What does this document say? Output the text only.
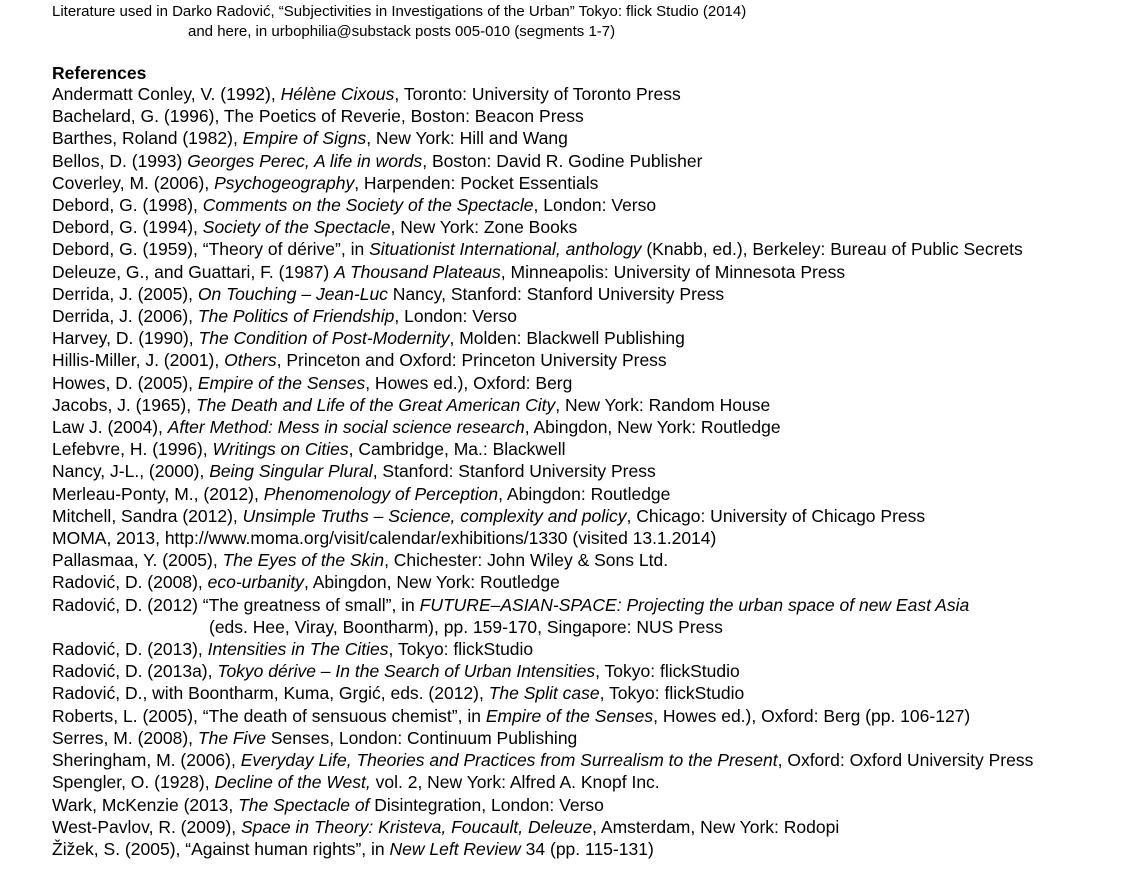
Literature used in Darko Radović, “Subjectivities in Investigations of the Urban” Tokyo: flick Studio (2014)
and here, in urbophilia@substack posts 005-010 (segments 1-7)
References
Andermatt Conley, V. (1992), Hélène Cixous, Toronto: University of Toronto Press
Bachelard, G. (1996), The Poetics of Reverie, Boston: Beacon Press
Barthes, Roland (1982), Empire of Signs, New York: Hill and Wang
Bellos, D. (1993) Georges Perec, A life in words, Boston: David R. Godine Publisher
Coverley, M. (2006), Psychogeography, Harpenden: Pocket Essentials
Debord, G. (1998), Comments on the Society of the Spectacle, London: Verso
Debord, G. (1994), Society of the Spectacle, New York: Zone Books
Debord, G. (1959), “Theory of dérive”, in Situationist International, anthology (Knabb, ed.), Berkeley: Bureau of Public Secrets
Deleuze, G., and Guattari, F. (1987) A Thousand Plateaus, Minneapolis: University of Minnesota Press
Derrida, J. (2005), On Touching – Jean-Luc Nancy, Stanford: Stanford University Press
Derrida, J. (2006), The Politics of Friendship, London: Verso
Harvey, D. (1990), The Condition of Post-Modernity, Molden: Blackwell Publishing
Hillis-Miller, J. (2001), Others, Princeton and Oxford: Princeton University Press
Howes, D. (2005), Empire of the Senses, Howes ed.), Oxford: Berg
Jacobs, J. (1965), The Death and Life of the Great American City, New York: Random House
Law J. (2004), After Method: Mess in social science research, Abingdon, New York: Routledge
Lefebvre, H. (1996), Writings on Cities, Cambridge, Ma.: Blackwell
Nancy, J-L., (2000), Being Singular Plural, Stanford: Stanford University Press
Merleau-Ponty, M., (2012), Phenomenology of Perception, Abingdon: Routledge
Mitchell, Sandra (2012), Unsimple Truths – Science, complexity and policy, Chicago: University of Chicago Press
MOMA, 2013, http://www.moma.org/visit/calendar/exhibitions/1330 (visited 13.1.2014)
Pallasmaa, Y. (2005), The Eyes of the Skin, Chichester: John Wiley & Sons Ltd.
Radović, D. (2008), eco-urbanity, Abingdon, New York: Routledge
Radović, D. (2012) “The greatness of small”, in FUTURE–ASIAN-SPACE: Projecting the urban space of new East Asia
(eds. Hee, Viray, Boontharm), pp. 159-170, Singapore: NUS Press
Radović, D. (2013), Intensities in The Cities, Tokyo: flickStudio
Radović, D. (2013a), Tokyo dérive – In the Search of Urban Intensities, Tokyo: flickStudio
Radović, D., with Boontharm, Kuma, Grgić, eds. (2012), The Split case, Tokyo: flickStudio
Roberts, L. (2005), “The death of sensuous chemist”, in Empire of the Senses, Howes ed.), Oxford: Berg (pp. 106-127)
Serres, M. (2008), The Five Senses, London: Continuum Publishing
Sheringham, M. (2006), Everyday Life, Theories and Practices from Surrealism to the Present, Oxford: Oxford University Press
Spengler, O. (1928), Decline of the West, vol. 2, New York: Alfred A. Knopf Inc.
Wark, McKenzie (2013, The Spectacle of Disintegration, London: Verso
West-Pavlov, R. (2009), Space in Theory: Kristeva, Foucault, Deleuze, Amsterdam, New York: Rodopi
Žižek, S. (2005), “Against human rights”, in New Left Review 34 (pp. 115-131)
